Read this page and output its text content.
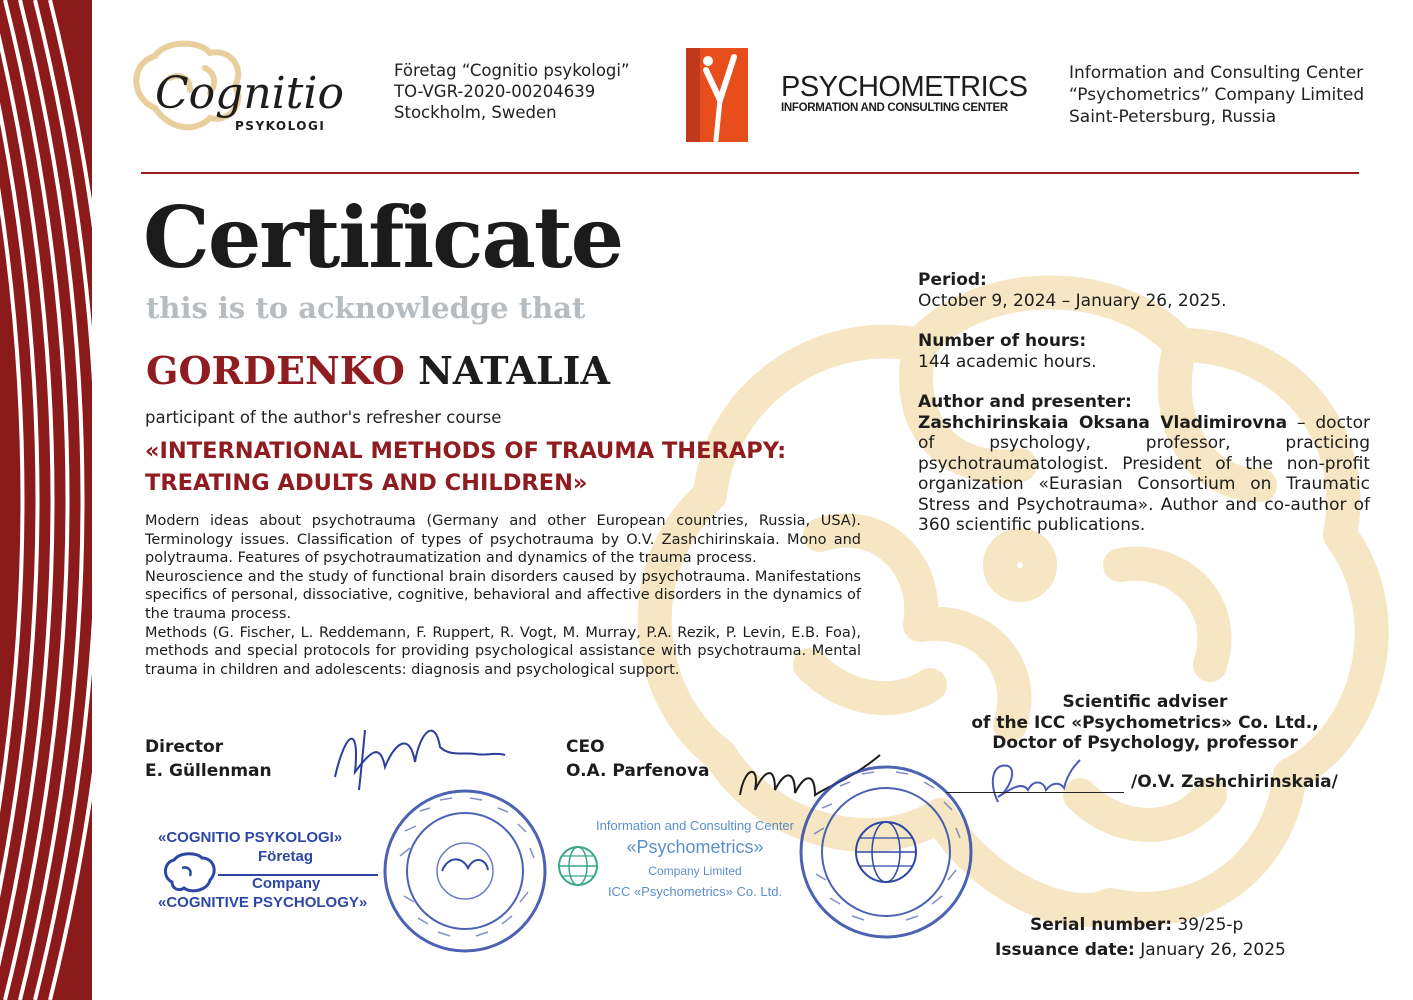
Cognitio
PSYKOLOGI
Företag “Cognitio psykologi”
TO-VGR-2020-00204639
Stockholm, Sweden
PSYCHOMETRICS
INFORMATION AND CONSULTING CENTER
Information and Consulting Center
“Psychometrics” Company Limited
Saint-Petersburg, Russia
Certificate
this is to acknowledge that
GORDENKO NATALIA
participant of the author's refresher course
«INTERNATIONAL METHODS OF TRAUMA THERAPY:
TREATING ADULTS AND CHILDREN»

Modern ideas about psychotrauma (Germany and other European countries, Russia, USA). Terminology issues. Classification of types of psychotrauma by O.V. Zashchirinskaia. Mono and polytrauma. Features of psychotraumatization and dynamics of the trauma process.

Neuroscience and the study of functional brain disorders caused by psychotrauma. Manifestations specifics of personal, dissociative, cognitive, behavioral and affective disorders in the dynamics of the trauma process.

Methods (G. Fischer, L. Reddemann, F. Ruppert, R. Vogt, M. Murray, P.A. Rezik, P. Levin, E.B. Foa), methods and special protocols for providing psychological assistance with psychotrauma. Mental trauma in children and adolescents: diagnosis and psychological support.

Period:
October 9, 2024 – January 26, 2025.
Number of hours:
144 academic hours.
Author and presenter:
Zashchirinskaia Oksana Vladimirovna – doctor of psychology, professor, practicing psychotraumatologist. President of the non-profit organization «Eurasian Consortium on Traumatic Stress and Psychotrauma». Author and co-author of 360 scientific publications.
Director
E. Güllenman
CEO
O.A. Parfenova
«COGNITIO PSYKOLOGI»
Företag
Company
«COGNITIVE PSYCHOLOGY»
Information and Consulting Center
«Psychometrics»
Company Limited
ICC «Psychometrics» Co. Ltd.
Scientific adviser
of the ICC «Psychometrics» Co. Ltd.,
Doctor of Psychology, professor
/O.V. Zashchirinskaia/
Serial number: 39/25-p
Issuance date: January 26, 2025
